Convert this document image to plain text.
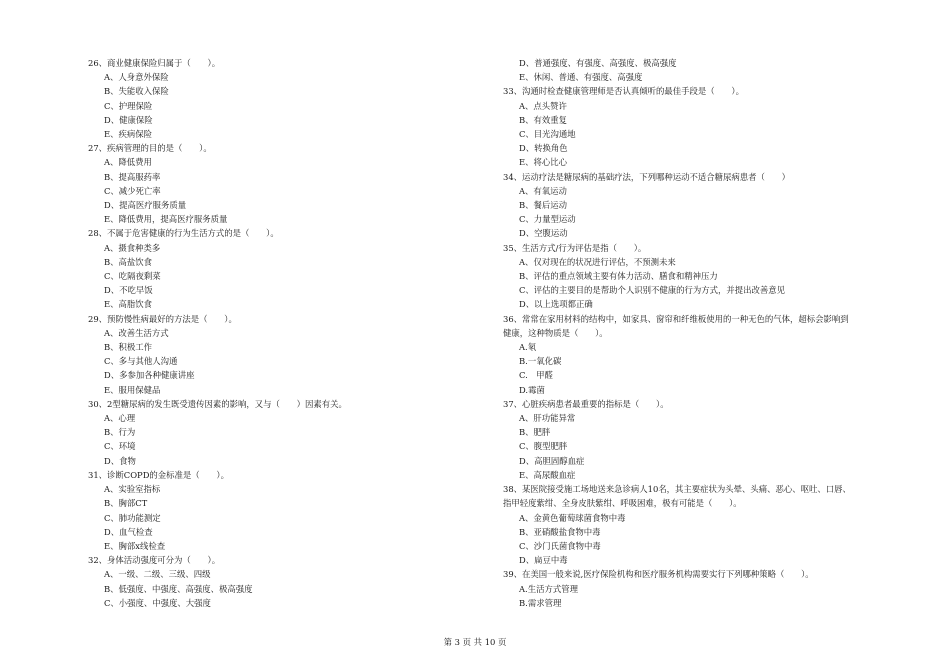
26、商业健康保险归属于（　　）。
A、人身意外保险
B、失能收入保险
C、护理保险
D、健康保险
E、疾病保险
27、疾病管理的目的是（　　）。
A、降低费用
B、提高服药率
C、减少死亡率
D、提高医疗服务质量
E、降低费用，提高医疗服务质量
28、不属于危害健康的行为生活方式的是（　　）。
A、摄食种类多
B、高盐饮食
C、吃隔夜剩菜
D、不吃早饭
E、高脂饮食
29、预防慢性病最好的方法是（　　）。
A、改善生活方式
B、积极工作
C、多与其他人沟通
D、多参加各种健康讲座
E、服用保健品
30、2型糖尿病的发生既受遗传因素的影响，又与（　　）因素有关。
A、心理
B、行为
C、环境
D、食物
31、诊断COPD的金标准是（　　）。
A、实验室指标
B、胸部CT
C、肺功能测定
D、血气检查
E、胸部x线检查
32、身体活动强度可分为（　　）。
A、一级、二级、三级、四级
B、低强度、中强度、高强度、极高强度
C、小强度、中强度、大强度
D、普通强度、有强度、高强度、极高强度
E、休闲、普通、有强度、高强度
33、沟通时检查健康管理师是否认真倾听的最佳手段是（　　）。
A、点头赞许
B、有效重复
C、目光沟通地
D、转换角色
E、将心比心
34、运动疗法是糖尿病的基础疗法，下列哪种运动不适合糖尿病患者（　　）
A、有氧运动
B、餐后运动
C、力量型运动
D、空腹运动
35、生活方式/行为评估是指（　　）。
A、仅对现在的状况进行评估，不预测未来
B、评估的重点领域主要有体力活动、膳食和精神压力
C、评估的主要目的是帮助个人识别不健康的行为方式，并提出改善意见
D、以上选项都正确
36、常常在家用材料的结构中，如家具、窗帘和纤维板使用的一种无色的气体，超标会影响到
健康，这种物质是（　　）。
A.氡
B.一氧化碳
C.　甲醛
D.霉菌
37、心脏疾病患者最重要的指标是（　　）。
A、肝功能异常
B、肥胖
C、腹型肥胖
D、高胆固醇血症
E、高尿酸血症
38、某医院接受施工场地送来急诊病人10名，其主要症状为头晕、头痛、恶心、呕吐、口唇、
指甲轻度紫绀、全身皮肤紫绀、呼吸困难，极有可能是（　　）。
A、金黄色葡萄球菌食物中毒
B、亚硝酸盐食物中毒
C、沙门氏菌食物中毒
D、扁豆中毒
39、在美国一般来说,医疗保险机构和医疗服务机构需要实行下列哪种策略（　　）。
A.生活方式管理
B.需求管理
第 3 页 共 10 页
